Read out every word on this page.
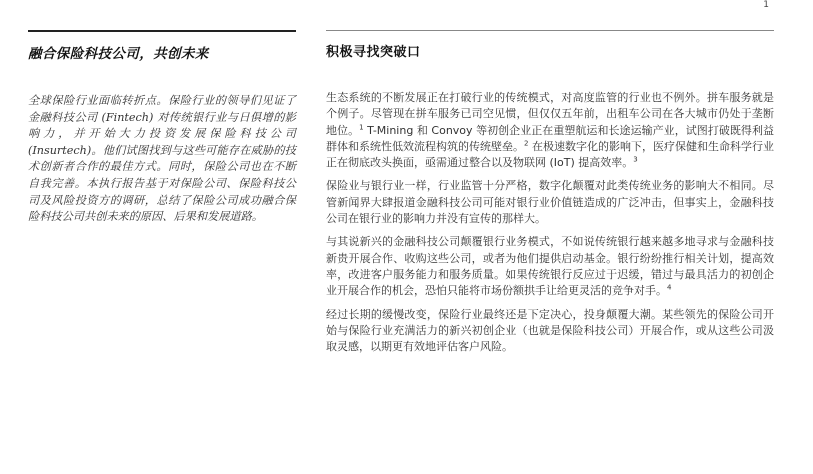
1
融合保险科技公司，共创未来

全球保险行业面临转折点。保险行业的领导们见证了金融科技公司 (Fintech) 对传统银行业与日俱增的影响力，并开始大力投资发展保险科技公司 (Insurtech)。他们试图找到与这些可能存在威胁的技术创新者合作的最佳方式。同时，保险公司也在不断自我完善。本执行报告基于对保险公司、保险科技公司及风险投资方的调研，总结了保险公司成功融合保险科技公司共创未来的原因、后果和发展道路。

积极寻找突破口

生态系统的不断发展正在打破行业的传统模式，对高度监管的行业也不例外。拼车服务就是个例子。尽管现在拼车服务已司空见惯，但仅仅五年前，出租车公司在各大城市仍处于垄断地位。$^1$ T-Mining 和 Convoy 等初创企业正在重塑航运和长途运输产业，试图打破既得利益群体和系统性低效流程构筑的传统壁垒。$^2$ 在极速数字化的影响下，医疗保健和生命科学行业正在彻底改头换面，亟需通过整合以及物联网 (IoT) 提高效率。$^3$

保险业与银行业一样，行业监管十分严格，数字化颠覆对此类传统业务的影响大不相同。尽管新闻界大肆报道金融科技公司可能对银行业价值链造成的广泛冲击，但事实上，金融科技公司在银行业的影响力并没有宣传的那样大。

与其说新兴的金融科技公司颠覆银行业务模式，不如说传统银行越来越多地寻求与金融科技新贵开展合作、收购这些公司，或者为他们提供启动基金。银行纷纷推行相关计划，提高效率，改进客户服务能力和服务质量。如果传统银行反应过于迟缓，错过与最具活力的初创企业开展合作的机会，恐怕只能将市场份额拱手让给更灵活的竞争对手。$^4$

经过长期的缓慢改变，保险行业最终还是下定决心，投身颠覆大潮。某些领先的保险公司开始与保险行业充满活力的新兴初创企业（也就是保险科技公司）开展合作，或从这些公司汲取灵感，以期更有效地评估客户风险。
